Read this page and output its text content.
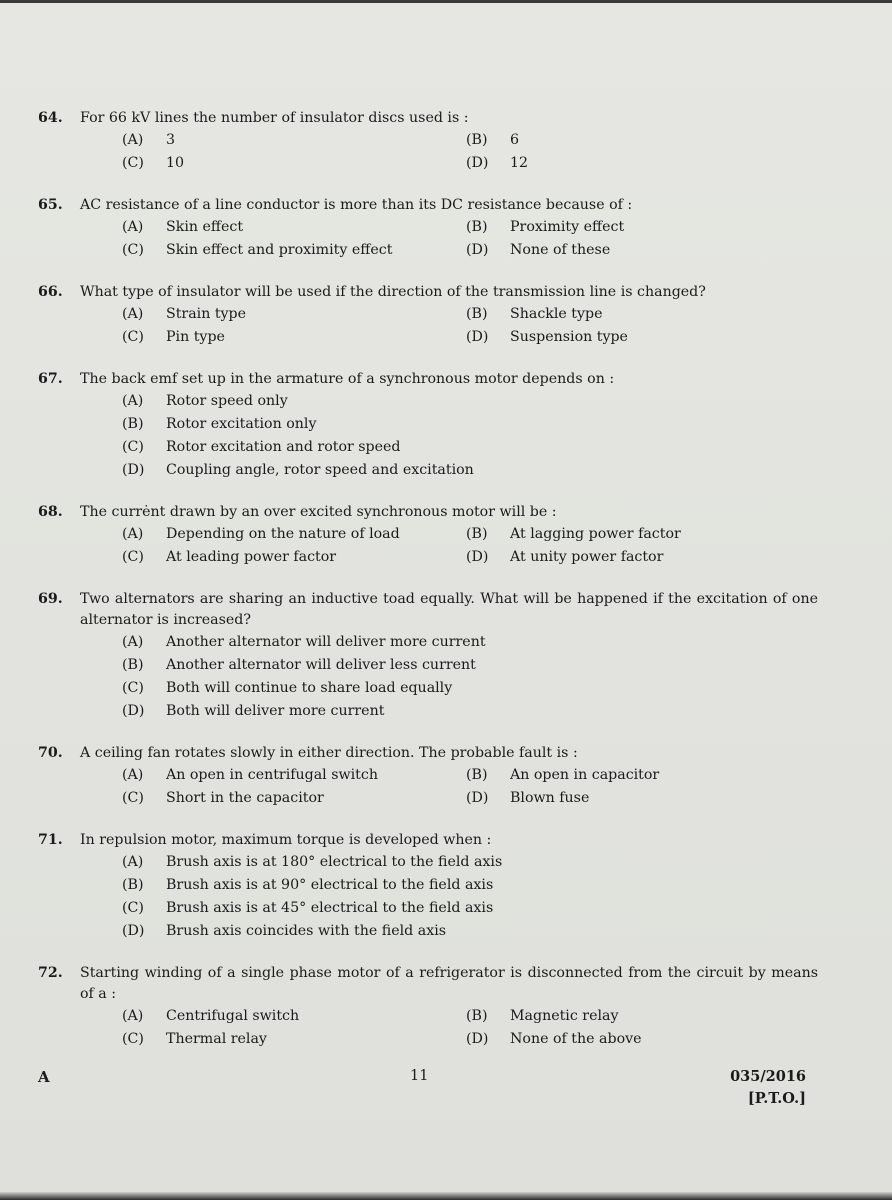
64.	For 66 kV lines the number of insulator discs used is :
(A)	3	(B)	6
(C)	10	(D)	12
65.	AC resistance of a line conductor is more than its DC resistance because of :
(A)	Skin effect	(B)	Proximity effect
(C)	Skin effect and proximity effect	(D)	None of these
66.	What type of insulator will be used if the direction of the transmission line is changed?
(A)	Strain type	(B)	Shackle type
(C)	Pin type	(D)	Suspension type
67.	The back emf set up in the armature of a synchronous motor depends on :
(A)	Rotor speed only
(B)	Rotor excitation only
(C)	Rotor excitation and rotor speed
(D)	Coupling angle, rotor speed and excitation
68.	The currėnt drawn by an over excited synchronous motor will be :
(A)	Depending on the nature of load	(B)	At lagging power factor
(C)	At leading power factor	(D)	At unity power factor
69.	Two alternators are sharing an inductive toad equally. What will be happened if the excitation of one alternator is increased?
(A)	Another alternator will deliver more current
(B)	Another alternator will deliver less current
(C)	Both will continue to share load equally
(D)	Both will deliver more current
70.	A ceiling fan rotates slowly in either direction. The probable fault is :
(A)	An open in centrifugal switch	(B)	An open in capacitor
(C)	Short in the capacitor	(D)	Blown fuse
71.	In repulsion motor, maximum torque is developed when :
(A)	Brush axis is at 180° electrical to the field axis
(B)	Brush axis is at 90° electrical to the field axis
(C)	Brush axis is at 45° electrical to the field axis
(D)	Brush axis coincides with the field axis
72.	Starting winding of a single phase motor of a refrigerator is disconnected from the circuit by means of a :
(A)	Centrifugal switch	(B)	Magnetic relay
(C)	Thermal relay	(D)	None of the above
A	11	035/2016
[P.T.O.]
